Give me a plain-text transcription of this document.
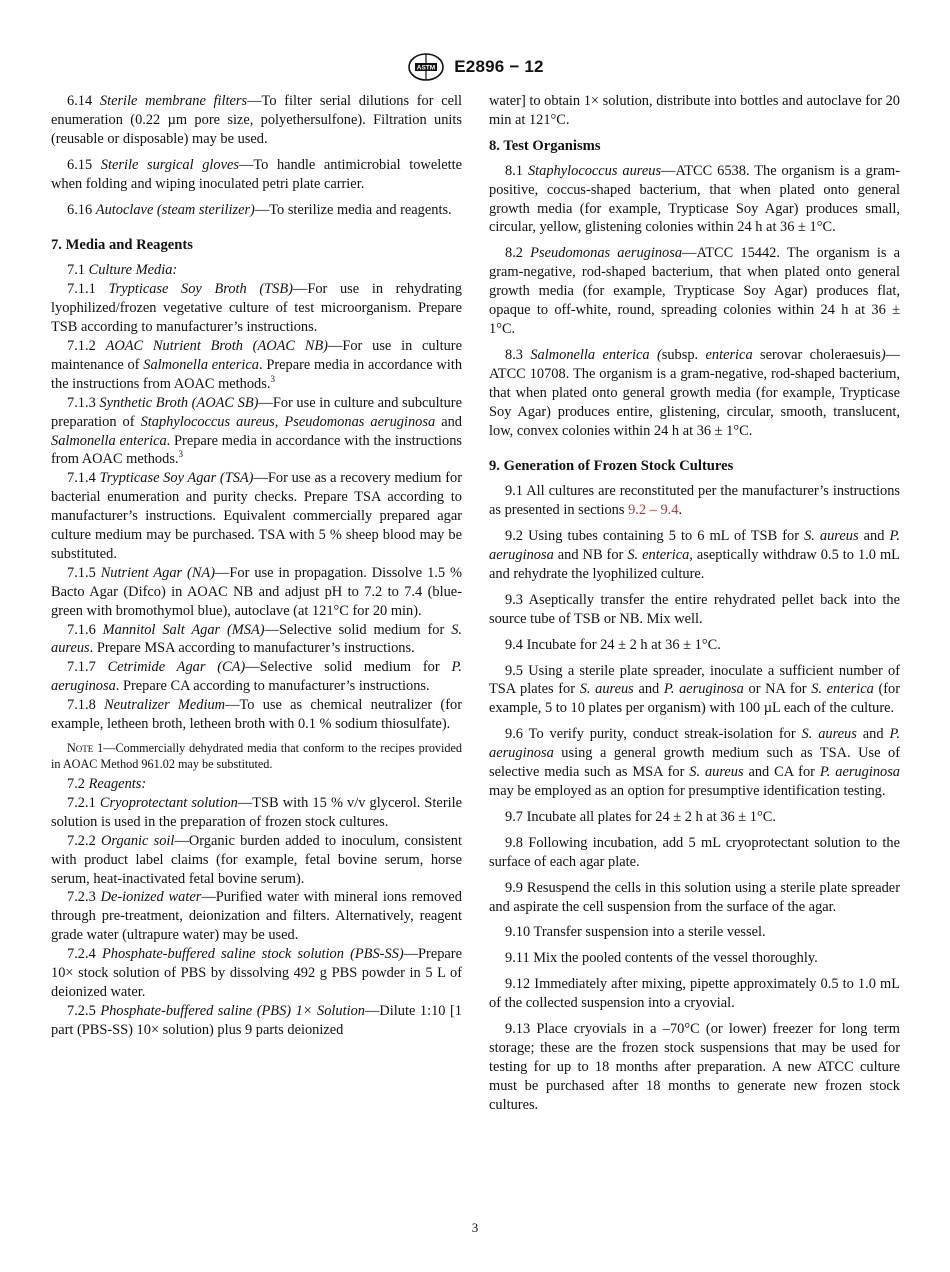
ASTM E2896 − 12

6.14 Sterile membrane filters—To filter serial dilutions for cell enumeration (0.22 µm pore size, polyethersulfone). Filtration units (reusable or disposable) may be used.

6.15 Sterile surgical gloves—To handle antimicrobial towelette when folding and wiping inoculated petri plate carrier.

6.16 Autoclave (steam sterilizer)—To sterilize media and reagents.

7. Media and Reagents

7.1 Culture Media:

7.1.1 Trypticase Soy Broth (TSB)—For use in rehydrating lyophilized/frozen vegetative culture of test microorganism. Prepare TSB according to manufacturer’s instructions.

7.1.2 AOAC Nutrient Broth (AOAC NB)—For use in culture maintenance of Salmonella enterica. Prepare media in accordance with the instructions from AOAC methods.$^3$

7.1.3 Synthetic Broth (AOAC SB)—For use in culture and subculture preparation of Staphylococcus aureus, Pseudomonas aeruginosa and Salmonella enterica. Prepare media in accordance with the instructions from AOAC methods.$^3$

7.1.4 Trypticase Soy Agar (TSA)—For use as a recovery medium for bacterial enumeration and purity checks. Prepare TSA according to manufacturer’s instructions. Equivalent commercially prepared agar culture medium may be purchased. TSA with 5 % sheep blood may be substituted.

7.1.5 Nutrient Agar (NA)—For use in propagation. Dissolve 1.5 % Bacto Agar (Difco) in AOAC NB and adjust pH to 7.2 to 7.4 (blue-green with bromothymol blue), autoclave (at 121°C for 20 min).

7.1.6 Mannitol Salt Agar (MSA)—Selective solid medium for S. aureus. Prepare MSA according to manufacturer’s instructions.

7.1.7 Cetrimide Agar (CA)—Selective solid medium for P. aeruginosa. Prepare CA according to manufacturer’s instructions.

7.1.8 Neutralizer Medium—To use as chemical neutralizer (for example, letheen broth, letheen broth with 0.1 % sodium thiosulfate).

Note 1—Commercially dehydrated media that conform to the recipes provided in AOAC Method 961.02 may be substituted.

7.2 Reagents:

7.2.1 Cryoprotectant solution—TSB with 15 % v/v glycerol. Sterile solution is used in the preparation of frozen stock cultures.

7.2.2 Organic soil—Organic burden added to inoculum, consistent with product label claims (for example, fetal bovine serum, horse serum, heat-inactivated fetal bovine serum).

7.2.3 De-ionized water—Purified water with mineral ions removed through pre-treatment, deionization and filters. Alternatively, reagent grade water (ultrapure water) may be used.

7.2.4 Phosphate-buffered saline stock solution (PBS-SS)—Prepare 10× stock solution of PBS by dissolving 492 g PBS powder in 5 L of deionized water.

7.2.5 Phosphate-buffered saline (PBS) 1× Solution—Dilute 1:10 [1 part (PBS-SS) 10× solution) plus 9 parts deionized

water] to obtain 1× solution, distribute into bottles and autoclave for 20 min at 121°C.

8. Test Organisms

8.1 Staphylococcus aureus—ATCC 6538. The organism is a gram-positive, coccus-shaped bacterium, that when plated onto general growth media (for example, Trypticase Soy Agar) produces small, circular, yellow, glistening colonies within 24 h at 36 ± 1°C.

8.2 Pseudomonas aeruginosa—ATCC 15442. The organism is a gram-negative, rod-shaped bacterium, that when plated onto general growth media (for example, Trypticase Soy Agar) produces flat, opaque to off-white, round, spreading colonies within 24 h at 36 ± 1°C.

8.3 Salmonella enterica (subsp. enterica serovar choleraesuis)—ATCC 10708. The organism is a gram-negative, rod-shaped bacterium, that when plated onto general growth media (for example, Trypticase Soy Agar) produces entire, glistening, circular, smooth, translucent, low, convex colonies within 24 h at 36 ± 1°C.

9. Generation of Frozen Stock Cultures

9.1 All cultures are reconstituted per the manufacturer’s instructions as presented in sections 9.2 – 9.4.

9.2 Using tubes containing 5 to 6 mL of TSB for S. aureus and P. aeruginosa and NB for S. enterica, aseptically withdraw 0.5 to 1.0 mL and rehydrate the lyophilized culture.

9.3 Aseptically transfer the entire rehydrated pellet back into the source tube of TSB or NB. Mix well.

9.4 Incubate for 24 ± 2 h at 36 ± 1°C.

9.5 Using a sterile plate spreader, inoculate a sufficient number of TSA plates for S. aureus and P. aeruginosa or NA for S. enterica (for example, 5 to 10 plates per organism) with 100 µL each of the culture.

9.6 To verify purity, conduct streak-isolation for S. aureus and P. aeruginosa using a general growth medium such as TSA. Use of selective media such as MSA for S. aureus and CA for P. aeruginosa may be employed as an option for presumptive identification testing.

9.7 Incubate all plates for 24 ± 2 h at 36 ± 1°C.

9.8 Following incubation, add 5 mL cryoprotectant solution to the surface of each agar plate.

9.9 Resuspend the cells in this solution using a sterile plate spreader and aspirate the cell suspension from the surface of the agar.

9.10 Transfer suspension into a sterile vessel.

9.11 Mix the pooled contents of the vessel thoroughly.

9.12 Immediately after mixing, pipette approximately 0.5 to 1.0 mL of the collected suspension into a cryovial.

9.13 Place cryovials in a –70°C (or lower) freezer for long term storage; these are the frozen stock suspensions that may be used for testing for up to 18 months after preparation. A new ATCC culture must be purchased after 18 months to generate new frozen stock cultures.

3
